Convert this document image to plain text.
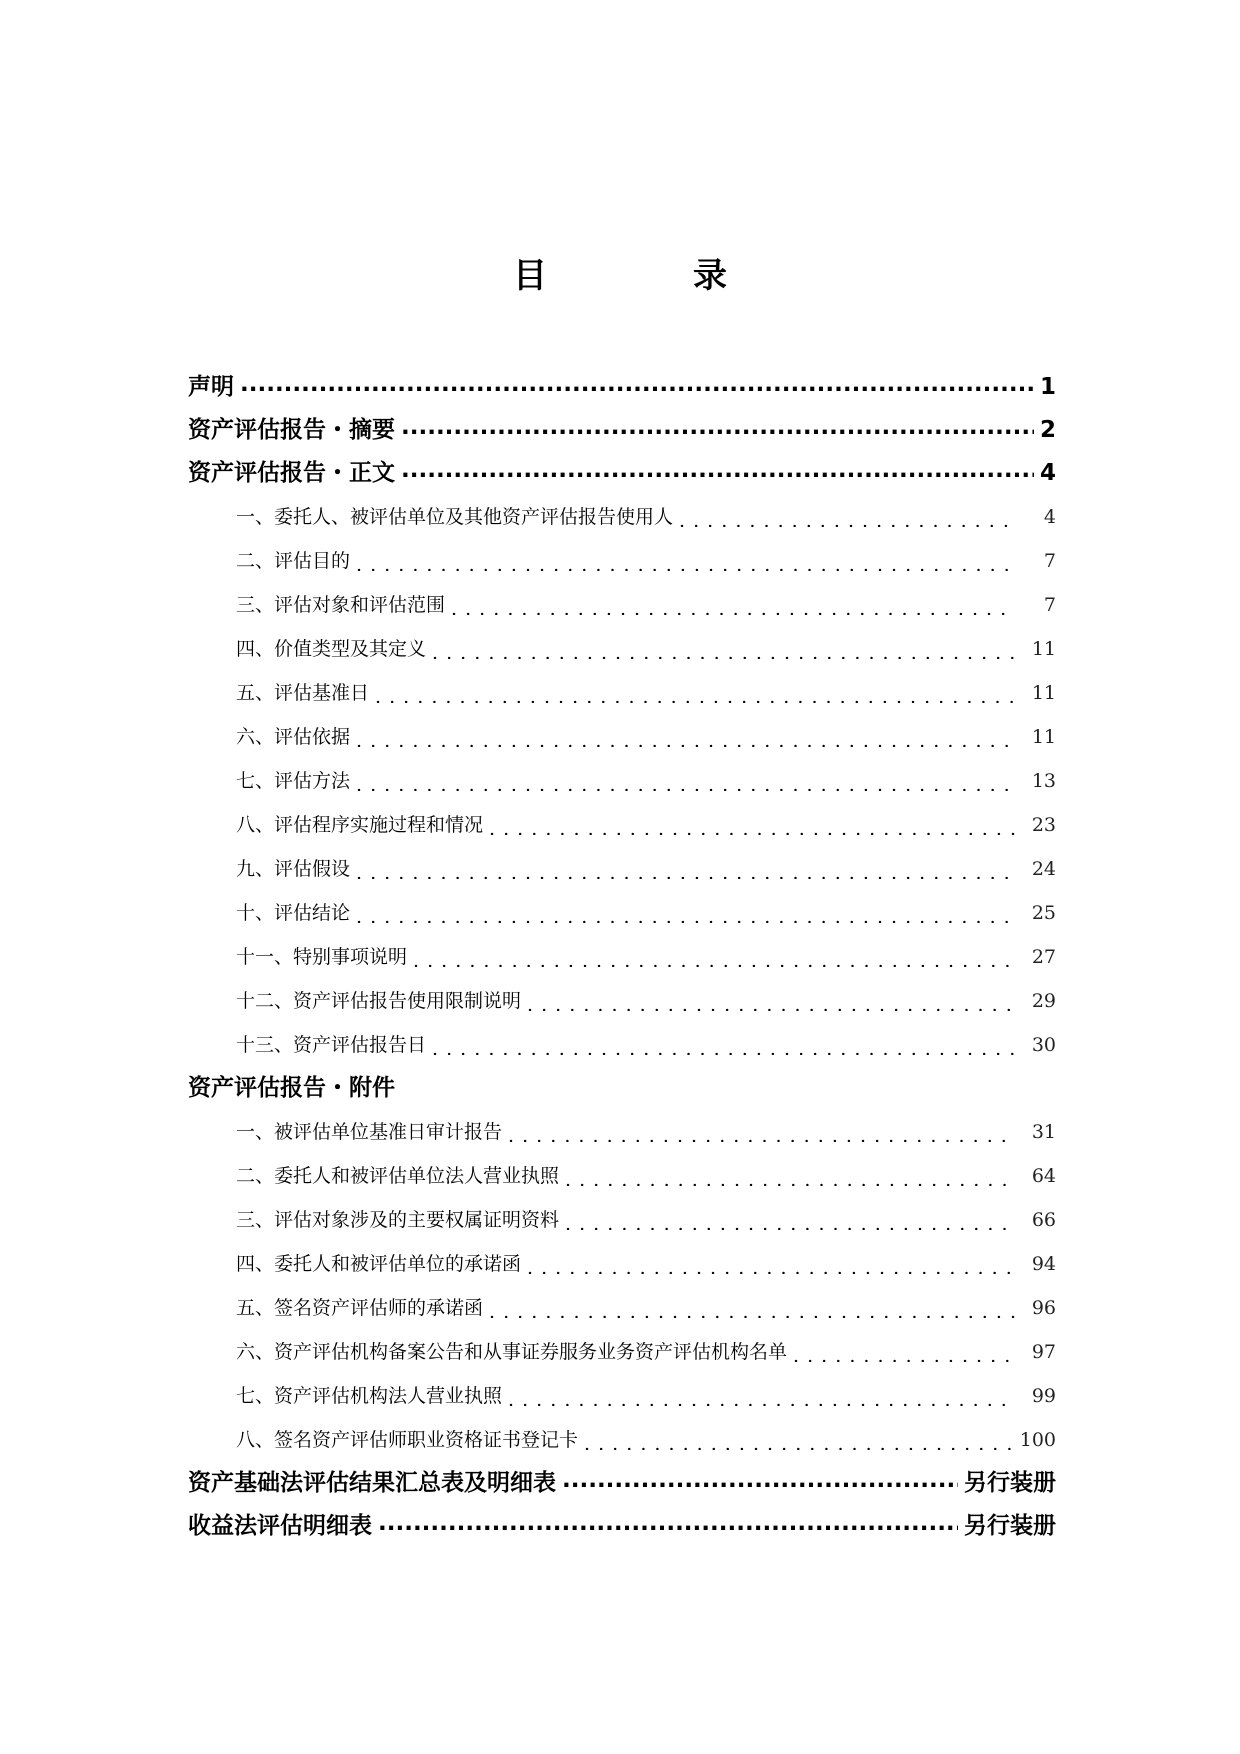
目　录
声明 .....	1
资产评估报告・摘要 .....	2
资产评估报告・正文 .....	4
一、委托人、被评估单位及其他资产评估报告使用人 . . .	4
二、评估目的 . . .	7
三、评估对象和评估范围 . . .	7
四、价值类型及其定义 . . .	11
五、评估基准日 . . .	11
六、评估依据 . . .	11
七、评估方法 . . .	13
八、评估程序实施过程和情况 . . .	23
九、评估假设 . . .	24
十、评估结论 . . .	25
十一、特别事项说明 . . .	27
十二、资产评估报告使用限制说明 . . .	29
十三、资产评估报告日 . . .	30
资产评估报告・附件
一、被评估单位基准日审计报告 . . .	31
二、委托人和被评估单位法人营业执照 . . .	64
三、评估对象涉及的主要权属证明资料 . . .	66
四、委托人和被评估单位的承诺函 . . .	94
五、签名资产评估师的承诺函 . . .	96
六、资产评估机构备案公告和从事证券服务业务资产评估机构名单 . . .	97
七、资产评估机构法人营业执照 . . .	99
八、签名资产评估师职业资格证书登记卡 . . .	100
资产基础法评估结果汇总表及明细表 .....	另行装册
收益法评估明细表 .....	另行装册
